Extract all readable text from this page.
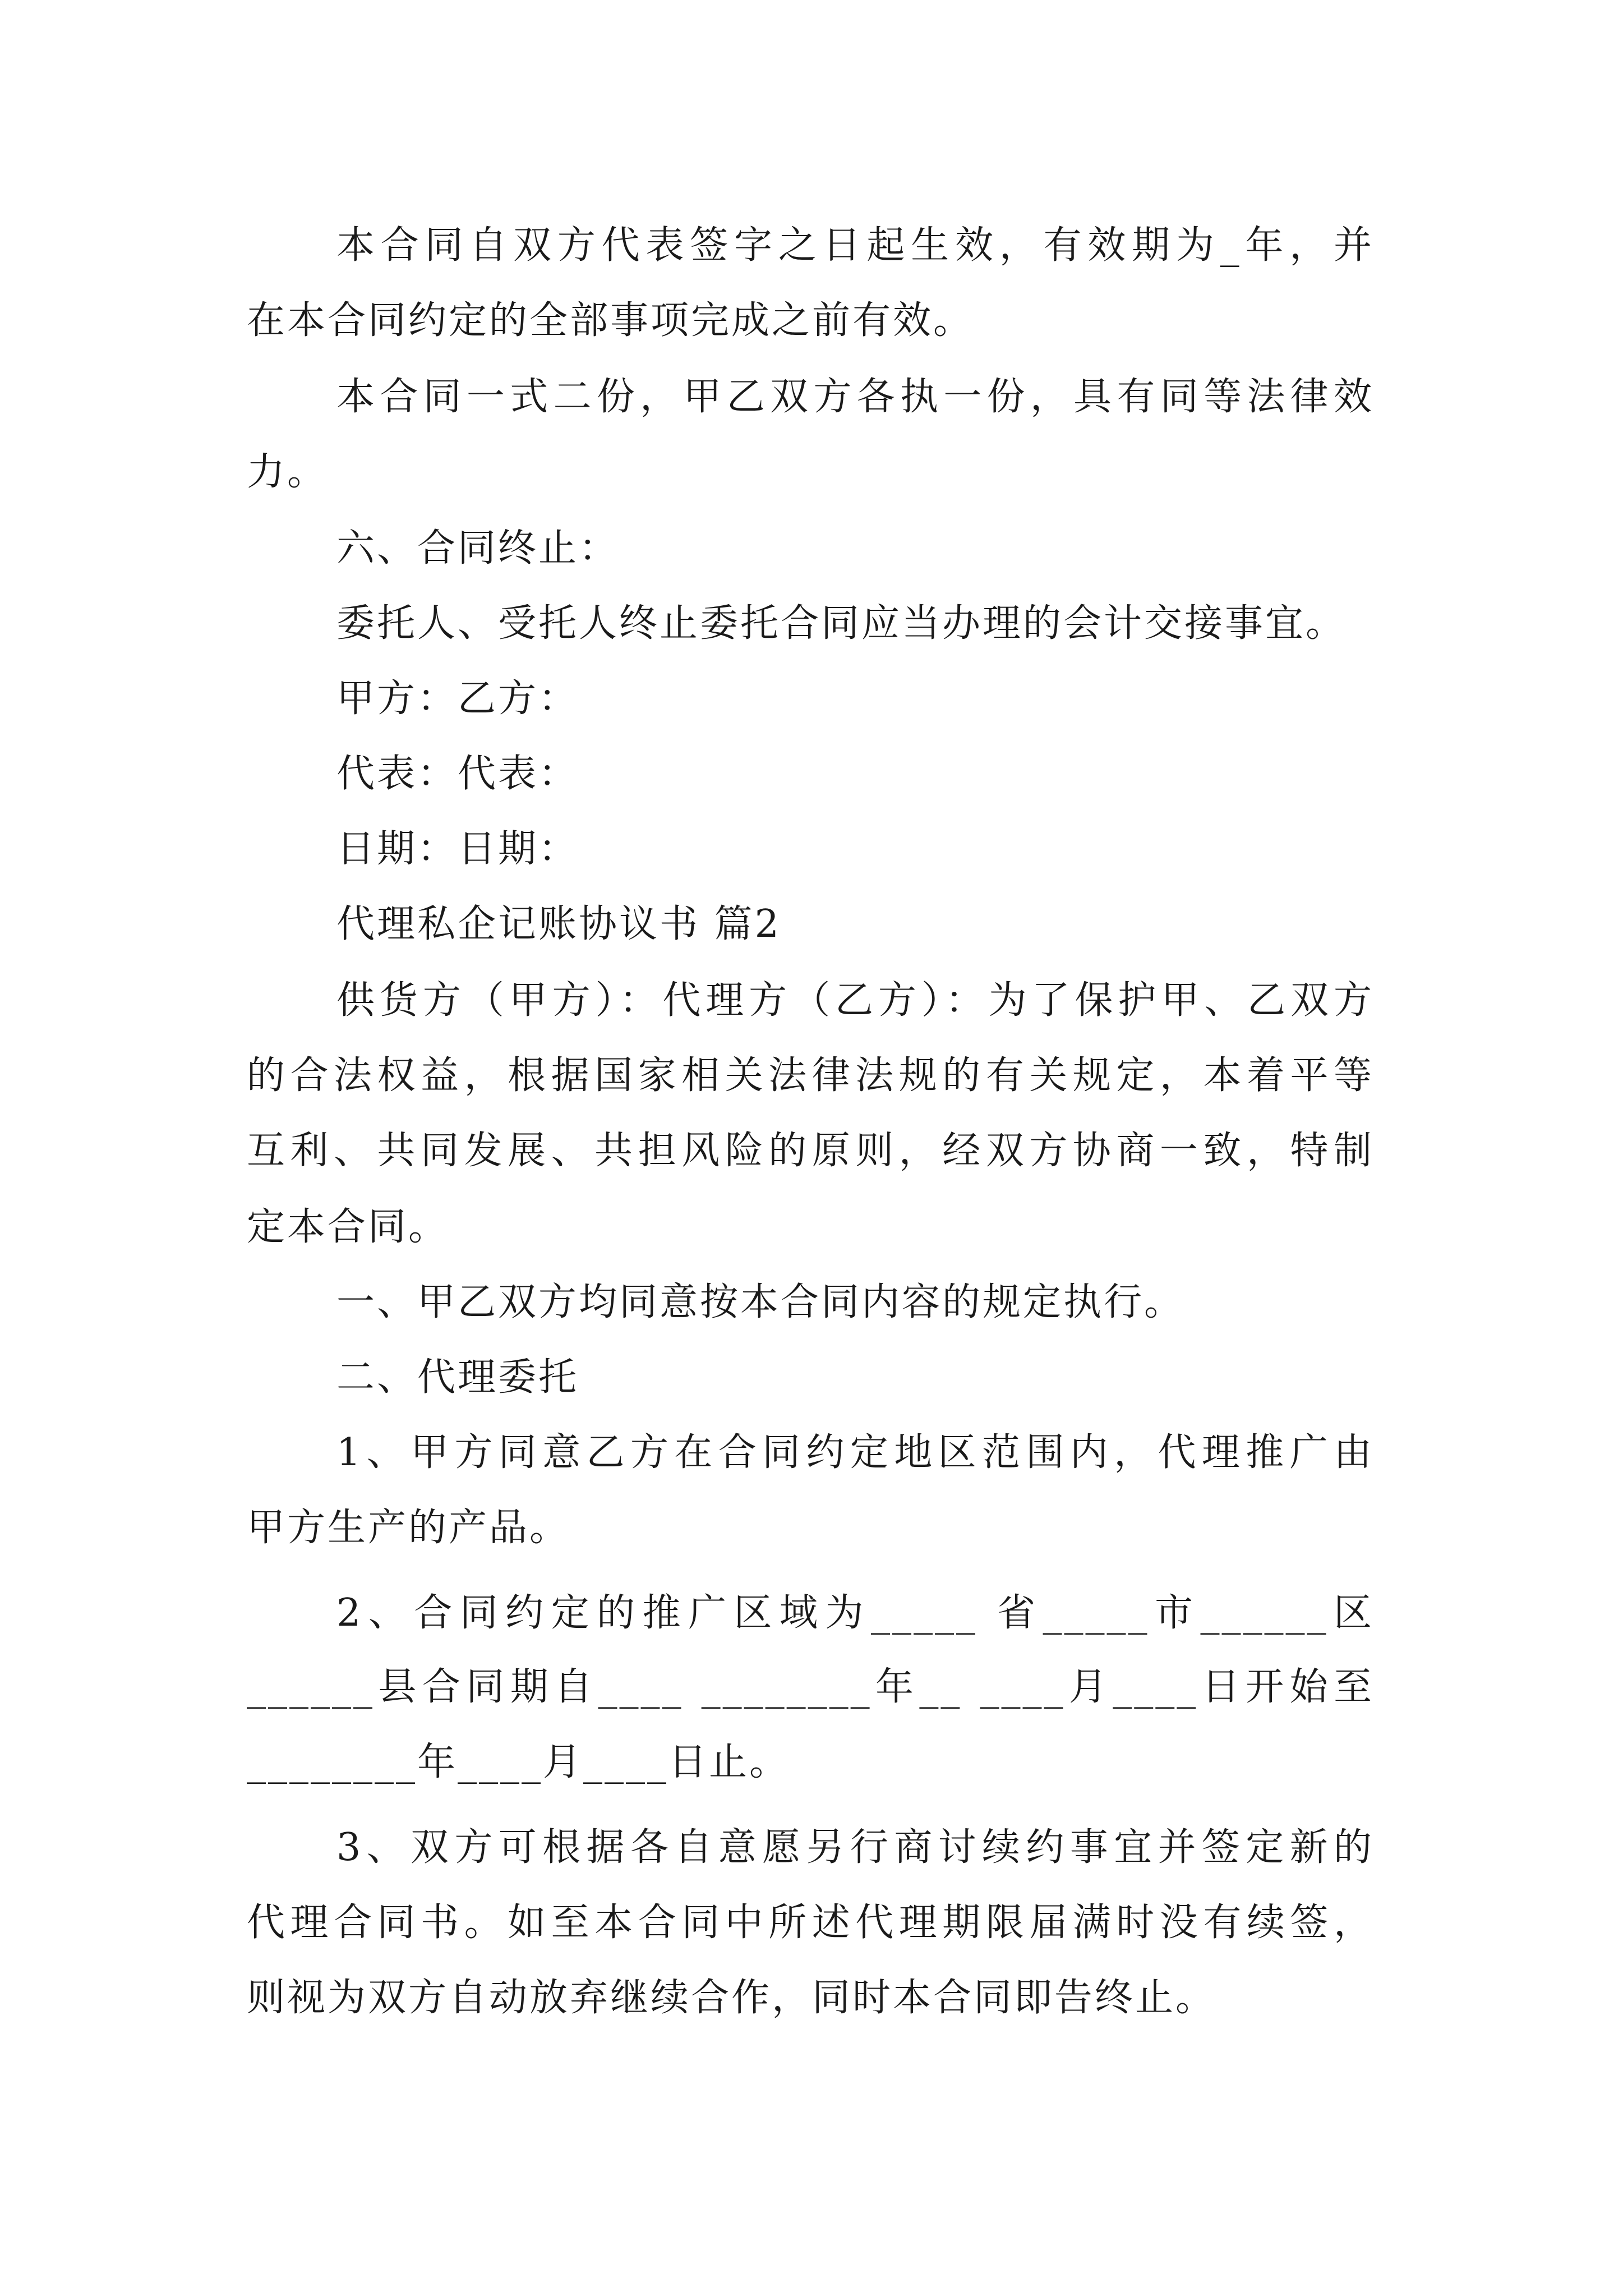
本合同自双方代表签字之日起生效，有效期为_年，并
在本合同约定的全部事项完成之前有效。
本合同一式二份，甲乙双方各执一份，具有同等法律效
力。
六、合同终止：
委托人、受托人终止委托合同应当办理的会计交接事宜。
甲方：乙方：
代表：代表：
日期：日期：
代理私企记账协议书 篇2
供货方（甲方）：代理方（乙方）：为了保护甲、乙双方
的合法权益，根据国家相关法律法规的有关规定，本着平等
互利、共同发展、共担风险的原则，经双方协商一致，特制
定本合同。
一、甲乙双方均同意按本合同内容的规定执行。
二、代理委托
1、甲方同意乙方在合同约定地区范围内，代理推广由
甲方生产的产品。
2、合同约定的推广区域为_____ 省_____市______区
______县合同期自____ ________年__ ____月____日开始至
________年____月____日止。
3、双方可根据各自意愿另行商讨续约事宜并签定新的
代理合同书。如至本合同中所述代理期限届满时没有续签，
则视为双方自动放弃继续合作，同时本合同即告终止。
